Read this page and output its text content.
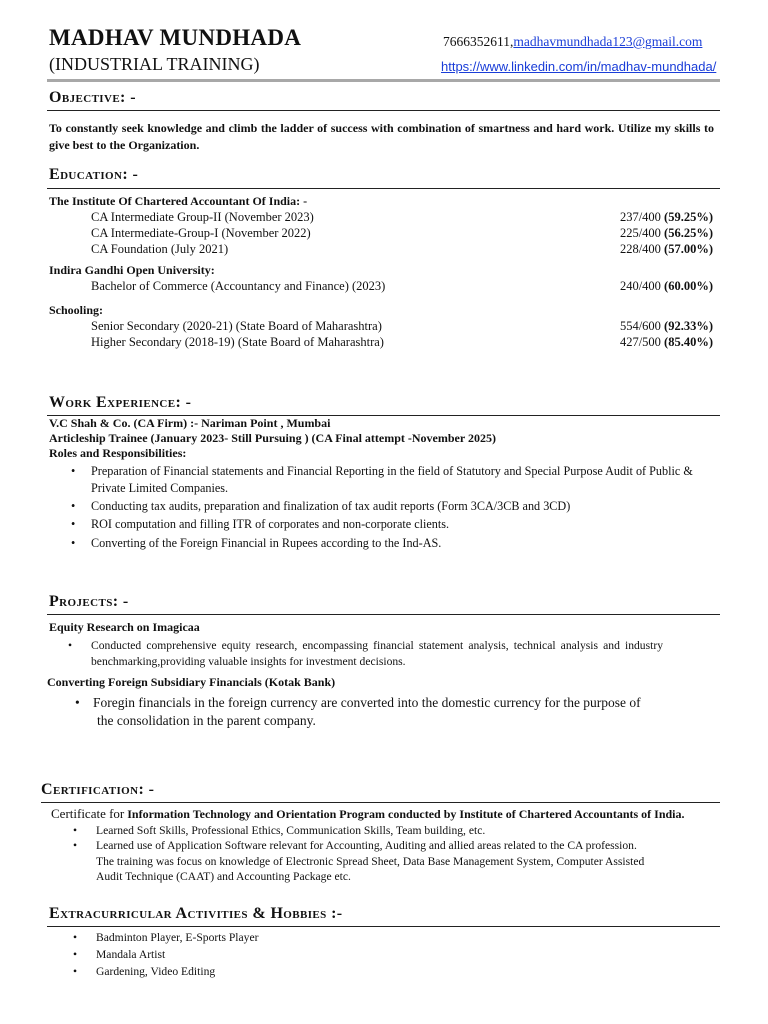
MADHAV MUNDHADA
(INDUSTRIAL TRAINING)
7666352611,madhavmundhada123@gmail.com
https://www.linkedin.com/in/madhav-mundhada/
Objective: -
To constantly seek knowledge and climb the ladder of success with combination of smartness and hard work. Utilize my skills to give best to the Organization.
Education: -
The Institute Of Chartered Accountant Of India: -
CA Intermediate Group-II (November 2023)	237/400 (59.25%)
CA Intermediate-Group-I (November 2022)	225/400 (56.25%)
CA Foundation (July 2021)	228/400 (57.00%)
Indira Gandhi Open University:
Bachelor of Commerce (Accountancy and Finance) (2023)	240/400 (60.00%)
Schooling:
Senior Secondary (2020-21) (State Board of Maharashtra)	554/600 (92.33%)
Higher Secondary (2018-19) (State Board of Maharashtra)	427/500 (85.40%)
Work Experience: -
V.C Shah & Co. (CA Firm) :- Nariman Point , Mumbai
Articleship Trainee (January 2023- Still Pursuing ) (CA Final attempt -November 2025)
Roles and Responsibilities:
• Preparation of Financial statements and Financial Reporting in the field of Statutory and Special Purpose Audit of Public & Private Limited Companies.
• Conducting tax audits, preparation and finalization of tax audit reports (Form 3CA/3CB and 3CD)
• ROI computation and filling ITR of corporates and non-corporate clients.
• Converting of the Foreign Financial in Rupees according to the Ind-AS.
Projects: -
Equity Research on Imagicaa
• Conducted comprehensive equity research, encompassing financial statement analysis, technical analysis and industry benchmarking,providing valuable insights for investment decisions.
Converting Foreign Subsidiary Financials (Kotak Bank)
• Foregin financials in the foreign currency are converted into the domestic currency for the purpose of
the consolidation in the parent company.
Certification: -
Certificate for Information Technology and Orientation Program conducted by Institute of Chartered Accountants of India.
• Learned Soft Skills, Professional Ethics, Communication Skills, Team building, etc.
• Learned use of Application Software relevant for Accounting, Auditing and allied areas related to the CA profession.
The training was focus on knowledge of Electronic Spread Sheet, Data Base Management System, Computer Assisted
Audit Technique (CAAT) and Accounting Package etc.
Extracurricular Activities & Hobbies :-
• Badminton Player, E-Sports Player
• Mandala Artist
• Gardening, Video Editing
